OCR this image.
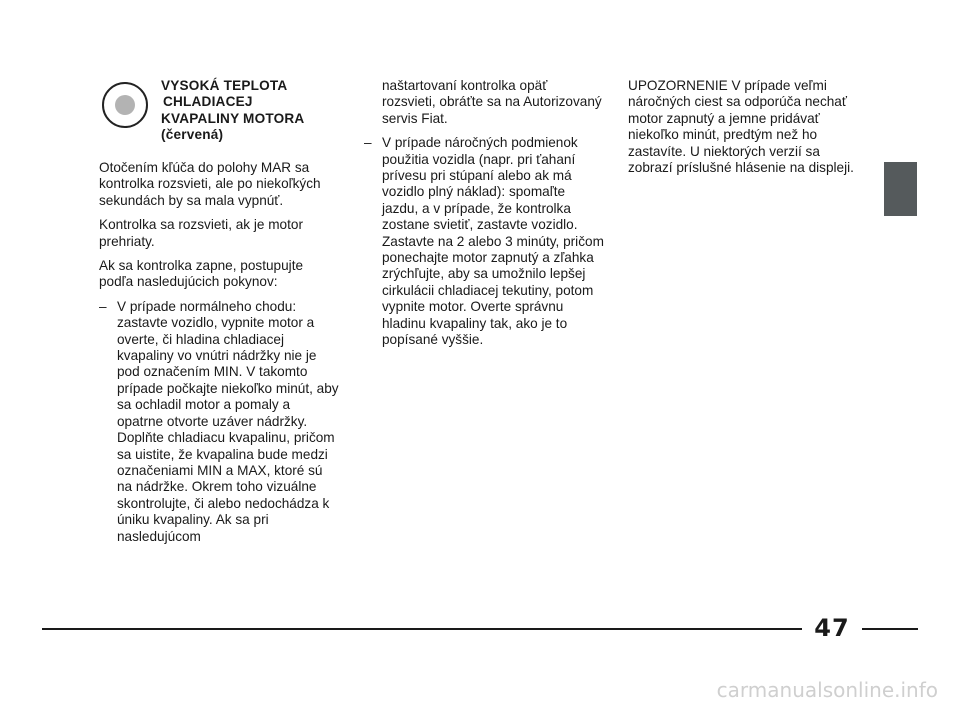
VYSOKÁ TEPLOTA
CHLADIACEJ
KVAPALINY MOTORA
(červená)

Otočením kľúča do polohy MAR sa kontrolka rozsvieti, ale po niekoľkých sekundách by sa mala vypnúť.

Kontrolka sa rozsvieti, ak je motor prehriaty.

Ak sa kontrolka zapne, postupujte podľa nasledujúcich pokynov:

– V prípade normálneho chodu: zastavte vozidlo, vypnite motor a overte, či hladina chladiacej kvapaliny vo vnútri nádržky nie je pod označením MIN. V takomto prípade počkajte niekoľko minút, aby sa ochladil motor a pomaly a opatrne otvorte uzáver nádržky. Doplňte chladiacu kvapalinu, pričom sa uistite, že kvapalina bude medzi označeniami MIN a MAX, ktoré sú na nádržke. Okrem toho vizuálne skontrolujte, či alebo nedochádza k úniku kvapaliny. Ak sa pri nasledujúcom

naštartovaní kontrolka opäť rozsvieti, obráťte sa na Autorizovaný servis Fiat.

– V prípade náročných podmienok použitia vozidla (napr. pri ťahaní prívesu pri stúpaní alebo ak má vozidlo plný náklad): spomaľte jazdu, a v prípade, že kontrolka zostane svietiť, zastavte vozidlo. Zastavte na 2 alebo 3 minúty, pričom ponechajte motor zapnutý a zľahka zrýchľujte, aby sa umožnilo lepšej cirkulácii chladiacej tekutiny, potom vypnite motor. Overte správnu hladinu kvapaliny tak, ako je to popísané vyššie.

UPOZORNENIE V prípade veľmi náročných ciest sa odporúča nechať motor zapnutý a jemne pridávať niekoľko minút, predtým než ho zastavíte. U niektorých verzií sa zobrazí príslušné hlásenie na displeji.

47
carmanualsonline.info
